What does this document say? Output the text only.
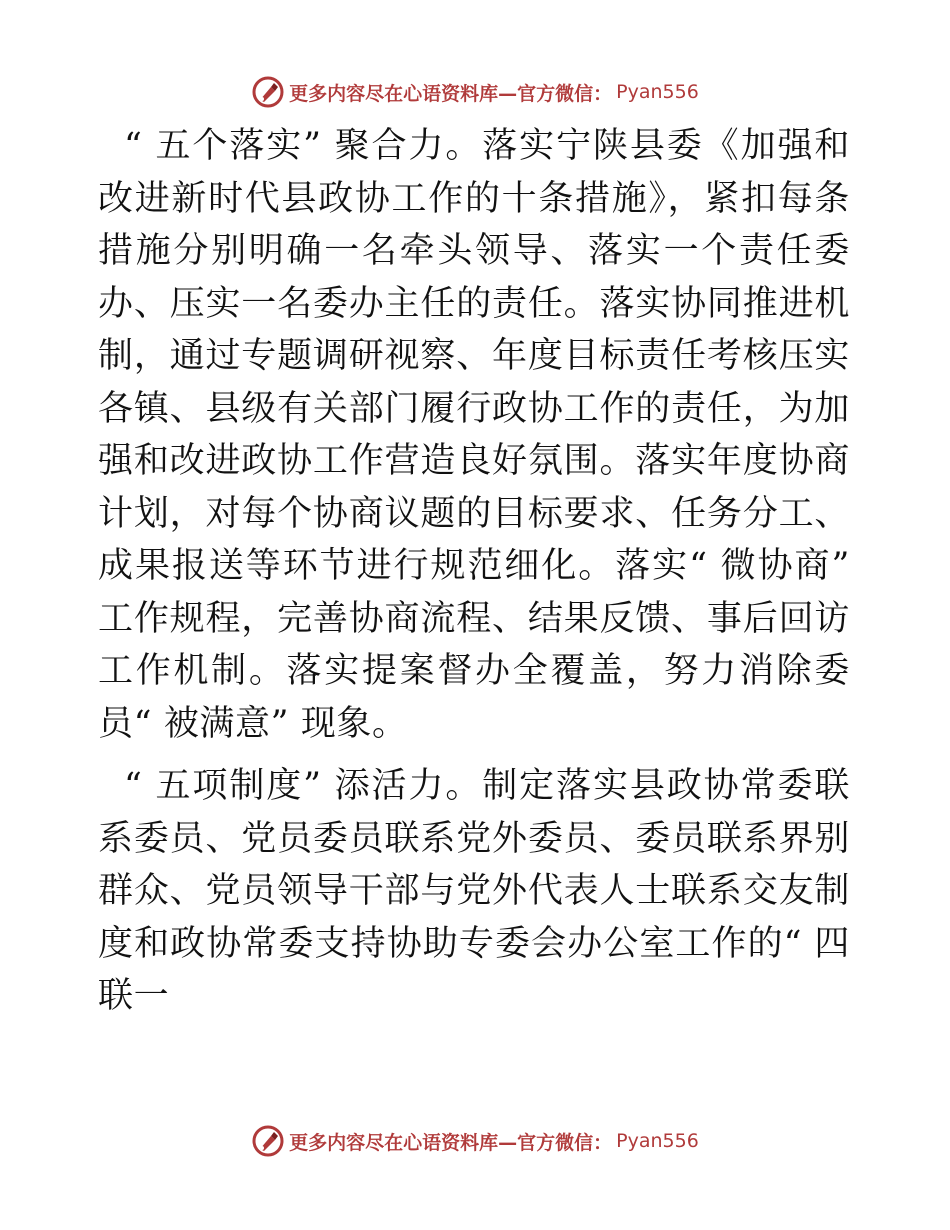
更多内容尽在心语资料库—官方微信： Pyan556

“ 五个落实” 聚合力。落实宁陕县委《加强和改进新时代县政协工作的十条措施》，紧扣每条措施分别明确一名牵头领导、落实一个责任委办、压实一名委办主任的责任。落实协同推进机制，通过专题调研视察、年度目标责任考核压实各镇、县级有关部门履行政协工作的责任，为加强和改进政协工作营造良好氛围。落实年度协商计划，对每个协商议题的目标要求、任务分工、成果报送等环节进行规范细化。落实“ 微协商” 工作规程，完善协商流程、结果反馈、事后回访工作机制。落实提案督办全覆盖，努力消除委员“ 被满意” 现象。

“ 五项制度” 添活力。制定落实县政协常委联系委员、党员委员联系党外委员、委员联系界别群众、党员领导干部与党外代表人士联系交友制度和政协常委支持协助专委会办公室工作的“ 四联一

更多内容尽在心语资料库—官方微信： Pyan556
